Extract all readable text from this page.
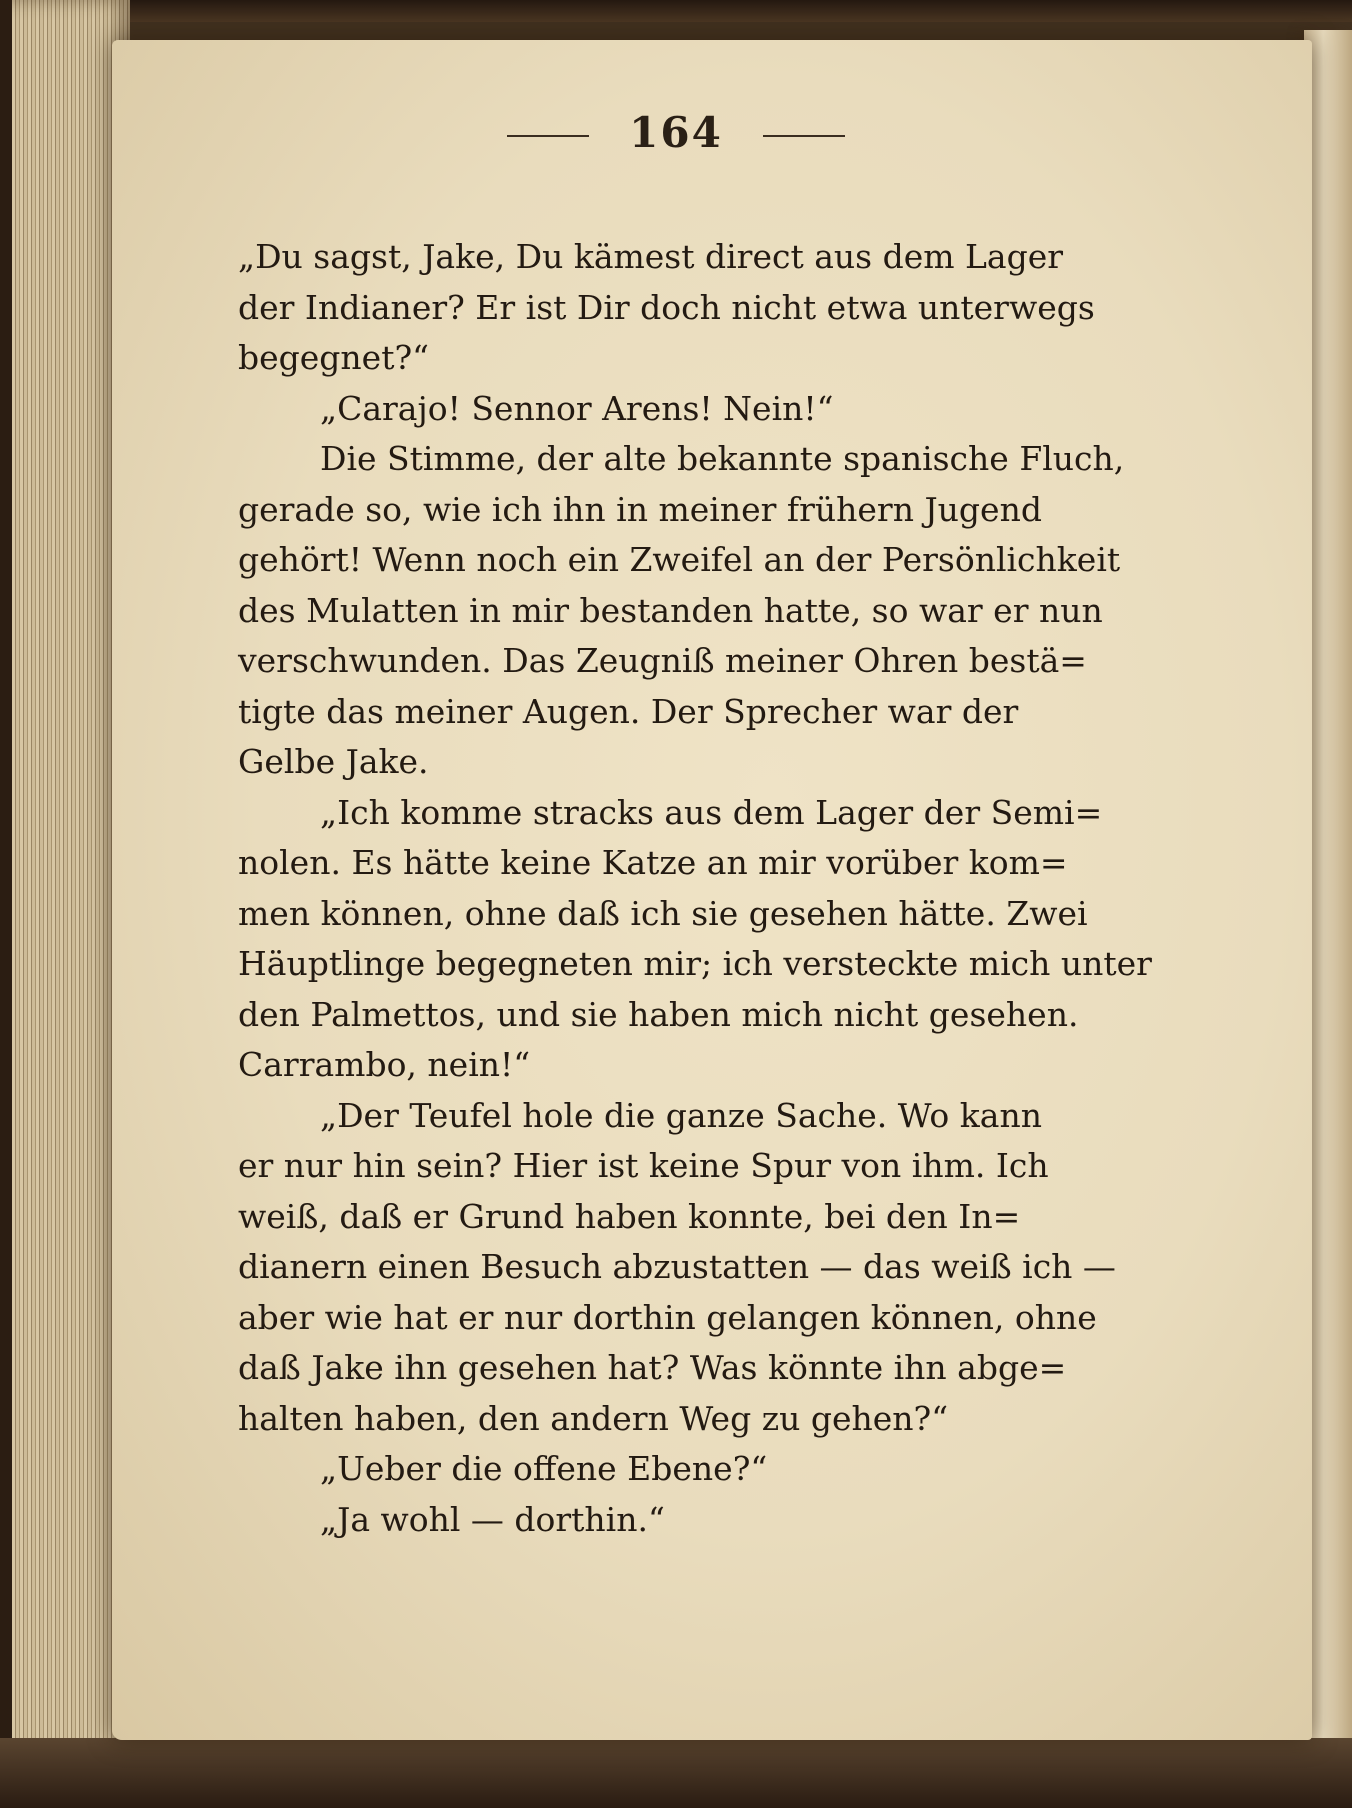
164
„Du sagst, Jake, Du kämest direct aus dem Lager
der Indianer? Er ist Dir doch nicht etwa unterwegs
begegnet?“
„Carajo! Sennor Arens! Nein!“
Die Stimme, der alte bekannte spanische Fluch,
gerade so, wie ich ihn in meiner frühern Jugend
gehört! Wenn noch ein Zweifel an der Persönlichkeit
des Mulatten in mir bestanden hatte, so war er nun
verschwunden. Das Zeugniß meiner Ohren bestä=
tigte das meiner Augen. Der Sprecher war der
Gelbe Jake.
„Ich komme stracks aus dem Lager der Semi=
nolen. Es hätte keine Katze an mir vorüber kom=
men können, ohne daß ich sie gesehen hätte. Zwei
Häuptlinge begegneten mir; ich versteckte mich unter
den Palmettos, und sie haben mich nicht gesehen.
Carrambo, nein!“
„Der Teufel hole die ganze Sache. Wo kann
er nur hin sein? Hier ist keine Spur von ihm. Ich
weiß, daß er Grund haben konnte, bei den In=
dianern einen Besuch abzustatten — das weiß ich —
aber wie hat er nur dorthin gelangen können, ohne
daß Jake ihn gesehen hat? Was könnte ihn abge=
halten haben, den andern Weg zu gehen?“
„Ueber die offene Ebene?“
„Ja wohl — dorthin.“
